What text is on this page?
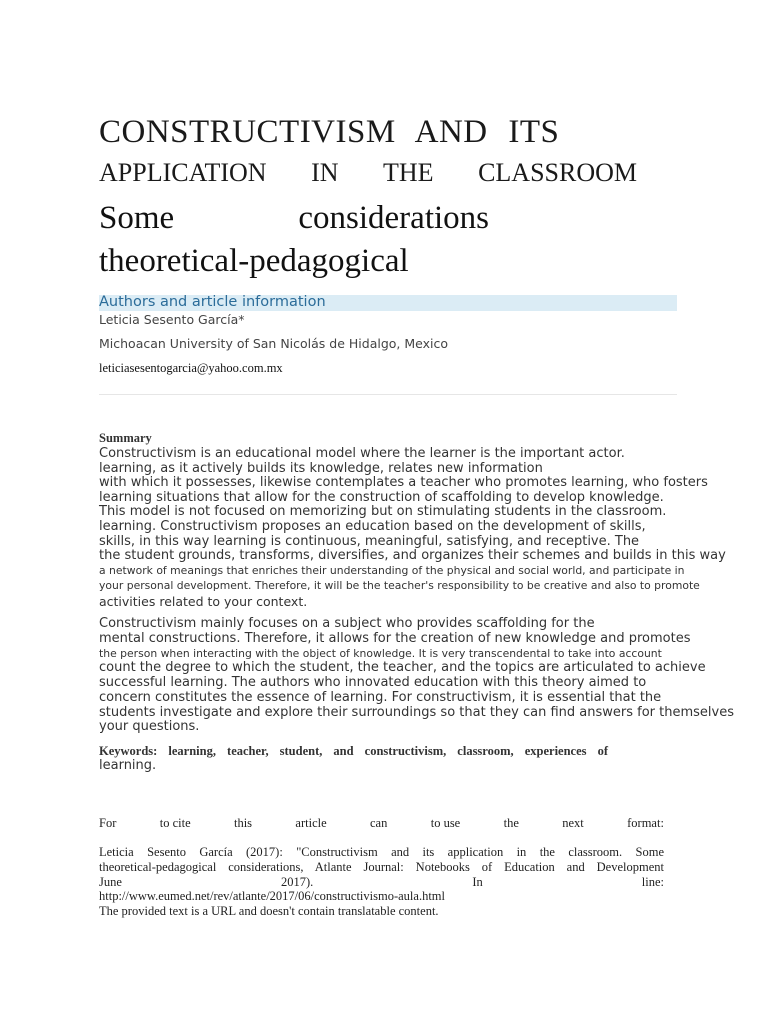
CONSTRUCTIVISM AND ITS
APPLICATION IN THE CLASSROOM
Some	considerations
theoretical-pedagogical
Authors and article information
Leticia Sesento García*
Michoacan University of San Nicolás de Hidalgo, Mexico
leticiasesentogarcia@yahoo.com.mx
Summary
Constructivism is an educational model where the learner is the important actor.
learning, as it actively builds its knowledge, relates new information
with which it possesses, likewise contemplates a teacher who promotes learning, who fosters
learning situations that allow for the construction of scaffolding to develop knowledge.
This model is not focused on memorizing but on stimulating students in the classroom.
learning. Constructivism proposes an education based on the development of skills,
skills, in this way learning is continuous, meaningful, satisfying, and receptive. The
the student grounds, transforms, diversifies, and organizes their schemes and builds in this way
a network of meanings that enriches their understanding of the physical and social world, and participate in
your personal development. Therefore, it will be the teacher's responsibility to be creative and also to promote
activities related to your context.
Constructivism mainly focuses on a subject who provides scaffolding for the
mental constructions. Therefore, it allows for the creation of new knowledge and promotes
the person when interacting with the object of knowledge. It is very transcendental to take into account
count the degree to which the student, the teacher, and the topics are articulated to achieve
successful learning. The authors who innovated education with this theory aimed to
concern constitutes the essence of learning. For constructivism, it is essential that the
students investigate and explore their surroundings so that they can find answers for themselves
your questions.
Keywords: learning, teacher, student, and constructivism, classroom, experiences of
learning.
For	to cite	this	article	can	to use	the	next	format:
Leticia Sesento García (2017): "Constructivism and its application in the classroom. Some
theoretical-pedagogical considerations, Atlante Journal: Notebooks of Education and Development
June	2017).	In	line:
http://www.eumed.net/rev/atlante/2017/06/constructivismo-aula.html
The provided text is a URL and doesn't contain translatable content.
